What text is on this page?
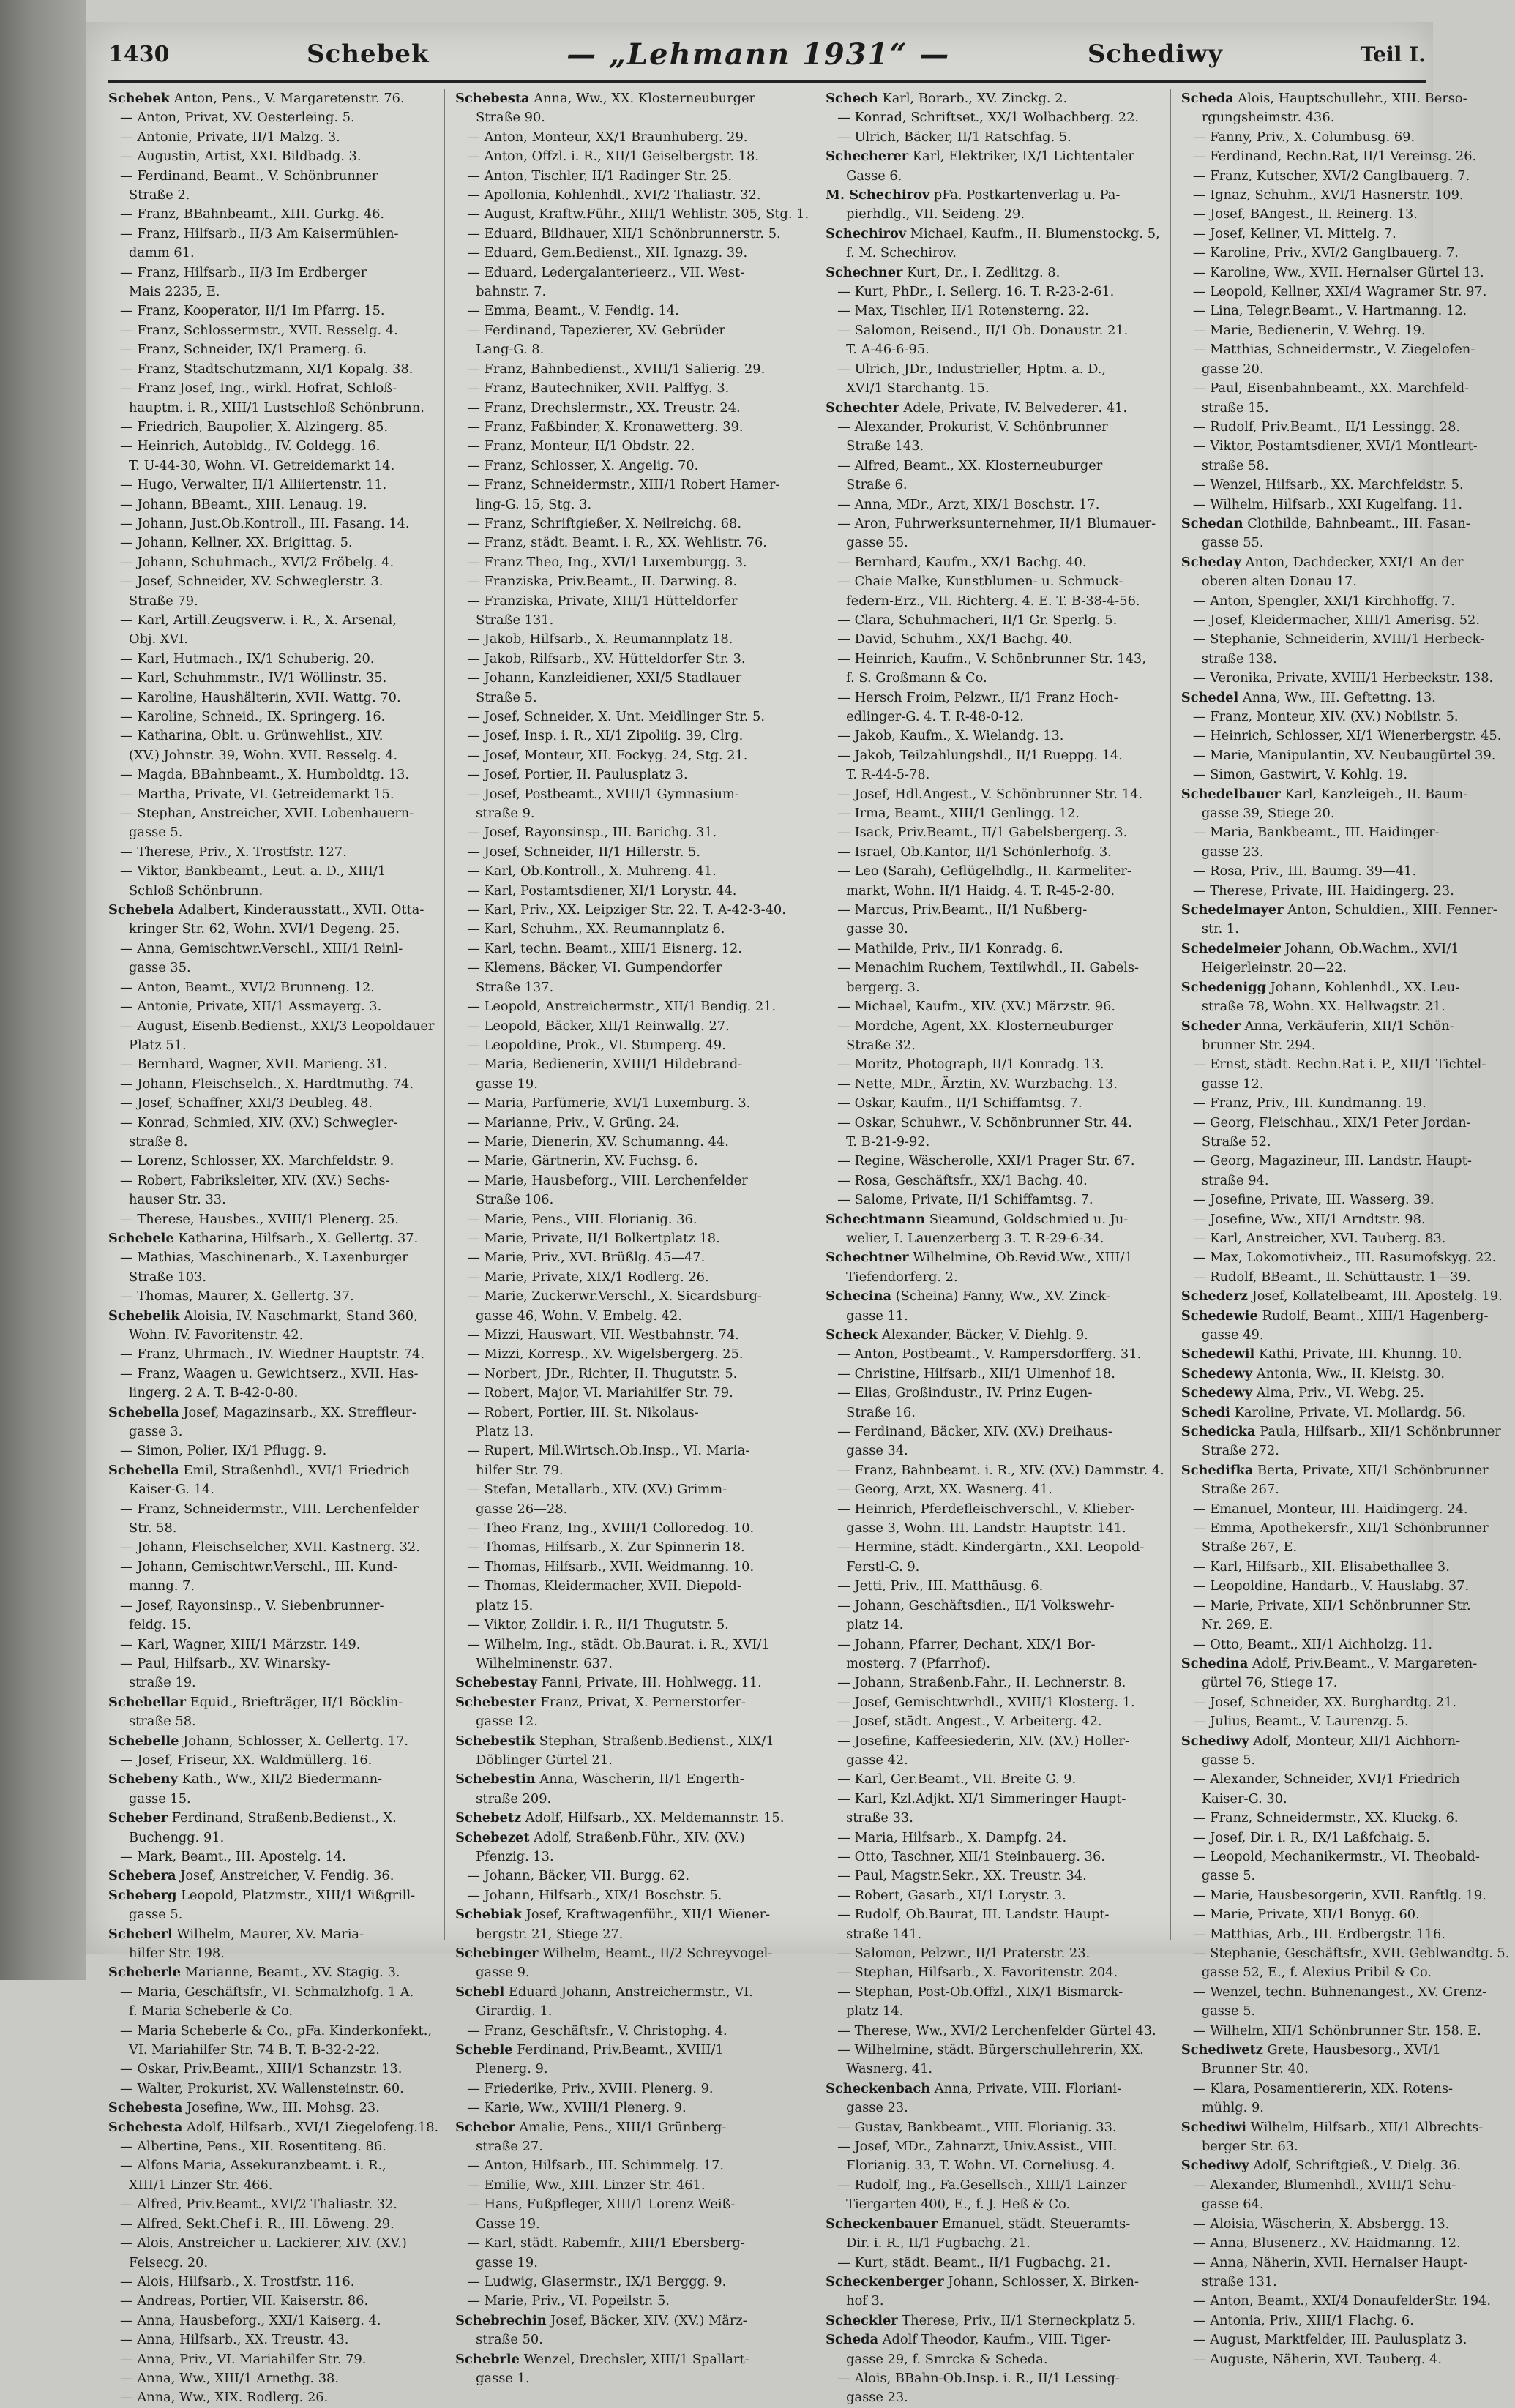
1430	Schebek	— „Lehmann 1931“ —	Schediwy	Teil I.

Schebek Anton, Pens., V. Margaretenstr. 76.

— Anton, Privat, XV. Oesterleing. 5.

— Antonie, Private, II/1 Malzg. 3.

— Augustin, Artist, XXI. Bildbadg. 3.

— Ferdinand, Beamt., V. Schönbrunner

Straße 2.

— Franz, BBahnbeamt., XIII. Gurkg. 46.

— Franz, Hilfsarb., II/3 Am Kaisermühlen-

damm 61.

— Franz, Hilfsarb., II/3 Im Erdberger

Mais 2235, E.

— Franz, Kooperator, II/1 Im Pfarrg. 15.

— Franz, Schlossermstr., XVII. Resselg. 4.

— Franz, Schneider, IX/1 Pramerg. 6.

— Franz, Stadtschutzmann, XI/1 Kopalg. 38.

— Franz Josef, Ing., wirkl. Hofrat, Schloß-

hauptm. i. R., XIII/1 Lustschloß Schönbrunn.

— Friedrich, Baupolier, X. Alzingerg. 85.

— Heinrich, Autobldg., IV. Goldegg. 16.

T. U-44-30, Wohn. VI. Getreidemarkt 14.

— Hugo, Verwalter, II/1 Alliiertenstr. 11.

— Johann, BBeamt., XIII. Lenaug. 19.

— Johann, Just.Ob.Kontroll., III. Fasang. 14.

— Johann, Kellner, XX. Brigittag. 5.

— Johann, Schuhmach., XVI/2 Fröbelg. 4.

— Josef, Schneider, XV. Schweglerstr. 3.

Straße 79.

— Karl, Artill.Zeugsverw. i. R., X. Arsenal,

Obj. XVI.

— Karl, Hutmach., IX/1 Schuberig. 20.

— Karl, Schuhmmstr., IV/1 Wöllinstr. 35.

— Karoline, Haushälterin, XVII. Wattg. 70.

— Karoline, Schneid., IX. Springerg. 16.

— Katharina, Oblt. u. Grünwehlist., XIV.

(XV.) Johnstr. 39, Wohn. XVII. Resselg. 4.

— Magda, BBahnbeamt., X. Humboldtg. 13.

— Martha, Private, VI. Getreidemarkt 15.

— Stephan, Anstreicher, XVII. Lobenhauern-

gasse 5.

— Therese, Priv., X. Trostfstr. 127.

— Viktor, Bankbeamt., Leut. a. D., XIII/1

Schloß Schönbrunn.

Schebela Adalbert, Kinderausstatt., XVII. Otta-

kringer Str. 62, Wohn. XVI/1 Degeng. 25.

— Anna, Gemischtwr.Verschl., XIII/1 Reinl-

gasse 35.

— Anton, Beamt., XVI/2 Brunneng. 12.

— Antonie, Private, XII/1 Assmayerg. 3.

— August, Eisenb.Bedienst., XXI/3 Leopoldauer

Platz 51.

— Bernhard, Wagner, XVII. Marieng. 31.

— Johann, Fleischselch., X. Hardtmuthg. 74.

— Josef, Schaffner, XXI/3 Deubleg. 48.

— Konrad, Schmied, XIV. (XV.) Schwegler-

straße 8.

— Lorenz, Schlosser, XX. Marchfeldstr. 9.

— Robert, Fabriksleiter, XIV. (XV.) Sechs-

hauser Str. 33.

— Therese, Hausbes., XVIII/1 Plenerg. 25.

Schebele Katharina, Hilfsarb., X. Gellertg. 37.

— Mathias, Maschinenarb., X. Laxenburger

Straße 103.

— Thomas, Maurer, X. Gellertg. 37.

Schebelik Aloisia, IV. Naschmarkt, Stand 360,

Wohn. IV. Favoritenstr. 42.

— Franz, Uhrmach., IV. Wiedner Hauptstr. 74.

— Franz, Waagen u. Gewichtserz., XVII. Has-

lingerg. 2 A. T. B-42-0-80.

Schebella Josef, Magazinsarb., XX. Streffleur-

gasse 3.

— Simon, Polier, IX/1 Pflugg. 9.

Schebella Emil, Straßenhdl., XVI/1 Friedrich

Kaiser-G. 14.

— Franz, Schneidermstr., VIII. Lerchenfelder

Str. 58.

— Johann, Fleischselcher, XVII. Kastnerg. 32.

— Johann, Gemischtwr.Verschl., III. Kund-

manng. 7.

— Josef, Rayonsinsp., V. Siebenbrunner-

feldg. 15.

— Karl, Wagner, XIII/1 Märzstr. 149.

— Paul, Hilfsarb., XV. Winarsky-

straße 19.

Schebellar Equid., Briefträger, II/1 Böcklin-

straße 58.

Schebelle Johann, Schlosser, X. Gellertg. 17.

— Josef, Friseur, XX. Waldmüllerg. 16.

Schebeny Kath., Ww., XII/2 Biedermann-

gasse 15.

Scheber Ferdinand, Straßenb.Bedienst., X.

Buchengg. 91.

— Mark, Beamt., III. Apostelg. 14.

Schebera Josef, Anstreicher, V. Fendig. 36.

Scheberg Leopold, Platzmstr., XIII/1 Wißgrill-

gasse 5.

Scheberl Wilhelm, Maurer, XV. Maria-

hilfer Str. 198.

Scheberle Marianne, Beamt., XV. Stagig. 3.

— Maria, Geschäftsfr., VI. Schmalzhofg. 1 A.

f. Maria Scheberle & Co.

— Maria Scheberle & Co., pFa. Kinderkonfekt.,

VI. Mariahilfer Str. 74 B. T. B-32-2-22.

— Oskar, Priv.Beamt., XIII/1 Schanzstr. 13.

— Walter, Prokurist, XV. Wallensteinstr. 60.

Schebesta Josefine, Ww., III. Mohsg. 23.

Schebesta Adolf, Hilfsarb., XVI/1 Ziegelofeng.18.

— Albertine, Pens., XII. Rosentiteng. 86.

— Alfons Maria, Assekuranzbeamt. i. R.,

XIII/1 Linzer Str. 466.

— Alfred, Priv.Beamt., XVI/2 Thaliastr. 32.

— Alfred, Sekt.Chef i. R., III. Löweng. 29.

— Alois, Anstreicher u. Lackierer, XIV. (XV.)

Felsecg. 20.

— Alois, Hilfsarb., X. Trostfstr. 116.

— Andreas, Portier, VII. Kaiserstr. 86.

— Anna, Hausbeforg., XXI/1 Kaiserg. 4.

— Anna, Hilfsarb., XX. Treustr. 43.

— Anna, Priv., VI. Mariahilfer Str. 79.

— Anna, Ww., XIII/1 Arnethg. 38.

— Anna, Ww., XIX. Rodlerg. 26.

Schebesta Anna, Ww., XX. Klosterneuburger

Straße 90.

— Anton, Monteur, XX/1 Braunhuberg. 29.

— Anton, Offzl. i. R., XII/1 Geiselbergstr. 18.

— Anton, Tischler, II/1 Radinger Str. 25.

— Apollonia, Kohlenhdl., XVI/2 Thaliastr. 32.

— August, Kraftw.Führ., XIII/1 Wehlistr. 305, Stg. 1.

— Eduard, Bildhauer, XII/1 Schönbrunnerstr. 5.

— Eduard, Gem.Bedienst., XII. Ignazg. 39.

— Eduard, Ledergalanterieerz., VII. West-

bahnstr. 7.

— Emma, Beamt., V. Fendig. 14.

— Ferdinand, Tapezierer, XV. Gebrüder

Lang-G. 8.

— Franz, Bahnbedienst., XVIII/1 Salierig. 29.

— Franz, Bautechniker, XVII. Palffyg. 3.

— Franz, Drechslermstr., XX. Treustr. 24.

— Franz, Faßbinder, X. Kronawetterg. 39.

— Franz, Monteur, II/1 Obdstr. 22.

— Franz, Schlosser, X. Angelig. 70.

— Franz, Schneidermstr., XIII/1 Robert Hamer-

ling-G. 15, Stg. 3.

— Franz, Schriftgießer, X. Neilreichg. 68.

— Franz, städt. Beamt. i. R., XX. Wehlistr. 76.

— Franz Theo, Ing., XVI/1 Luxemburgg. 3.

— Franziska, Priv.Beamt., II. Darwing. 8.

— Franziska, Private, XIII/1 Hütteldorfer

Straße 131.

— Jakob, Hilfsarb., X. Reumannplatz 18.

— Jakob, Rilfsarb., XV. Hütteldorfer Str. 3.

— Johann, Kanzleidiener, XXI/5 Stadlauer

Straße 5.

— Josef, Schneider, X. Unt. Meidlinger Str. 5.

— Josef, Insp. i. R., XI/1 Zipoliig. 39, Clrg.

— Josef, Monteur, XII. Fockyg. 24, Stg. 21.

— Josef, Portier, II. Paulusplatz 3.

— Josef, Postbeamt., XVIII/1 Gymnasium-

straße 9.

— Josef, Rayonsinsp., III. Barichg. 31.

— Josef, Schneider, II/1 Hillerstr. 5.

— Karl, Ob.Kontroll., X. Muhreng. 41.

— Karl, Postamtsdiener, XI/1 Lorystr. 44.

— Karl, Priv., XX. Leipziger Str. 22. T. A-42-3-40.

— Karl, Schuhm., XX. Reumannplatz 6.

— Karl, techn. Beamt., XIII/1 Eisnerg. 12.

— Klemens, Bäcker, VI. Gumpendorfer

Straße 137.

— Leopold, Anstreichermstr., XII/1 Bendig. 21.

— Leopold, Bäcker, XII/1 Reinwallg. 27.

— Leopoldine, Prok., VI. Stumperg. 49.

— Maria, Bedienerin, XVIII/1 Hildebrand-

gasse 19.

— Maria, Parfümerie, XVI/1 Luxemburg. 3.

— Marianne, Priv., V. Grüng. 24.

— Marie, Dienerin, XV. Schumanng. 44.

— Marie, Gärtnerin, XV. Fuchsg. 6.

— Marie, Hausbeforg., VIII. Lerchenfelder

Straße 106.

— Marie, Pens., VIII. Florianig. 36.

— Marie, Private, II/1 Bolkertplatz 18.

— Marie, Priv., XVI. Brüßlg. 45—47.

— Marie, Private, XIX/1 Rodlerg. 26.

— Marie, Zuckerwr.Verschl., X. Sicardsburg-

gasse 46, Wohn. V. Embelg. 42.

— Mizzi, Hauswart, VII. Westbahnstr. 74.

— Mizzi, Korresp., XV. Wigelsbergerg. 25.

— Norbert, JDr., Richter, II. Thugutstr. 5.

— Robert, Major, VI. Mariahilfer Str. 79.

— Robert, Portier, III. St. Nikolaus-

Platz 13.

— Rupert, Mil.Wirtsch.Ob.Insp., VI. Maria-

hilfer Str. 79.

— Stefan, Metallarb., XIV. (XV.) Grimm-

gasse 26—28.

— Theo Franz, Ing., XVIII/1 Colloredog. 10.

— Thomas, Hilfsarb., X. Zur Spinnerin 18.

— Thomas, Hilfsarb., XVII. Weidmanng. 10.

— Thomas, Kleidermacher, XVII. Diepold-

platz 15.

— Viktor, Zolldir. i. R., II/1 Thugutstr. 5.

— Wilhelm, Ing., städt. Ob.Baurat. i. R., XVI/1

Wilhelminenstr. 637.

Schebestay Fanni, Private, III. Hohlwegg. 11.

Schebester Franz, Privat, X. Pernerstorfer-

gasse 12.

Schebestik Stephan, Straßenb.Bedienst., XIX/1

Döblinger Gürtel 21.

Schebestin Anna, Wäscherin, II/1 Engerth-

straße 209.

Schebetz Adolf, Hilfsarb., XX. Meldemannstr. 15.

Schebezet Adolf, Straßenb.Führ., XIV. (XV.)

Pfenzig. 13.

— Johann, Bäcker, VII. Burgg. 62.

— Johann, Hilfsarb., XIX/1 Boschstr. 5.

Schebiak Josef, Kraftwagenführ., XII/1 Wiener-

bergstr. 21, Stiege 27.

Schebinger Wilhelm, Beamt., II/2 Schreyvogel-

gasse 9.

Schebl Eduard Johann, Anstreichermstr., VI.

Girardig. 1.

— Franz, Geschäftsfr., V. Christophg. 4.

Scheble Ferdinand, Priv.Beamt., XVIII/1

Plenerg. 9.

— Friederike, Priv., XVIII. Plenerg. 9.

— Karie, Ww., XVIII/1 Plenerg. 9.

Schebor Amalie, Pens., XIII/1 Grünberg-

straße 27.

— Anton, Hilfsarb., III. Schimmelg. 17.

— Emilie, Ww., XIII. Linzer Str. 461.

— Hans, Fußpfleger, XIII/1 Lorenz Weiß-

Gasse 19.

— Karl, städt. Rabemfr., XIII/1 Ebersberg-

gasse 19.

— Ludwig, Glasermstr., IX/1 Berggg. 9.

— Marie, Priv., VI. Popeilstr. 5.

Schebrechin Josef, Bäcker, XIV. (XV.) März-

straße 50.

Schebrle Wenzel, Drechsler, XIII/1 Spallart-

gasse 1.

Schech Karl, Borarb., XV. Zinckg. 2.

— Konrad, Schriftset., XX/1 Wolbachberg. 22.

— Ulrich, Bäcker, II/1 Ratschfag. 5.

Schecherer Karl, Elektriker, IX/1 Lichtentaler

Gasse 6.

M. Schechirov pFa. Postkartenverlag u. Pa-

pierhdlg., VII. Seideng. 29.

Schechirov Michael, Kaufm., II. Blumenstockg. 5,

f. M. Schechirov.

Schechner Kurt, Dr., I. Zedlitzg. 8.

— Kurt, PhDr., I. Seilerg. 16. T. R-23-2-61.

— Max, Tischler, II/1 Rotensterng. 22.

— Salomon, Reisend., II/1 Ob. Donaustr. 21.

T. A-46-6-95.

— Ulrich, JDr., Industrieller, Hptm. a. D.,

XVI/1 Starchantg. 15.

Schechter Adele, Private, IV. Belvederег. 41.

— Alexander, Prokurist, V. Schönbrunner

Straße 143.

— Alfred, Beamt., XX. Klosterneuburger

Straße 6.

— Anna, MDr., Arzt, XIX/1 Boschstr. 17.

— Aron, Fuhrwerksunternehmer, II/1 Blumauer-

gasse 55.

— Bernhard, Kaufm., XX/1 Bachg. 40.

— Chaie Malke, Kunstblumen- u. Schmuck-

federn-Erz., VII. Richterg. 4. E. T. B-38-4-56.

— Clara, Schuhmacheri, II/1 Gr. Sperlg. 5.

— David, Schuhm., XX/1 Bachg. 40.

— Heinrich, Kaufm., V. Schönbrunner Str. 143,

f. S. Großmann & Co.

— Hersch Froim, Pelzwr., II/1 Franz Hoch-

edlinger-G. 4. T. R-48-0-12.

— Jakob, Kaufm., X. Wielandg. 13.

— Jakob, Teilzahlungshdl., II/1 Rueppg. 14.

T. R-44-5-78.

— Josef, Hdl.Angest., V. Schönbrunner Str. 14.

— Irma, Beamt., XIII/1 Genlingg. 12.

— Isack, Priv.Beamt., II/1 Gabelsbergerg. 3.

— Israel, Ob.Kantor, II/1 Schönlerhofg. 3.

— Leo (Sarah), Geflügelhdlg., II. Karmeliter-

markt, Wohn. II/1 Haidg. 4. T. R-45-2-80.

— Marcus, Priv.Beamt., II/1 Nußberg-

gasse 30.

— Mathilde, Priv., II/1 Konradg. 6.

— Menachim Ruchem, Textilwhdl., II. Gabels-

bergerg. 3.

— Michael, Kaufm., XIV. (XV.) Märzstr. 96.

— Mordche, Agent, XX. Klosterneuburger

Straße 32.

— Moritz, Photograph, II/1 Konradg. 13.

— Nette, MDr., Ärztin, XV. Wurzbachg. 13.

— Oskar, Kaufm., II/1 Schiffamtsg. 7.

— Oskar, Schuhwr., V. Schönbrunner Str. 44.

T. B-21-9-92.

— Regine, Wäscherolle, XXI/1 Prager Str. 67.

— Rosa, Geschäftsfr., XX/1 Bachg. 40.

— Salome, Private, II/1 Schiffamtsg. 7.

Schechtmann Sieamund, Goldschmied u. Ju-

welier, I. Lauenzerberg 3. T. R-29-6-34.

Schechtner Wilhelmine, Ob.Revid.Ww., XIII/1

Tiefendorferg. 2.

Schecina (Scheina) Fanny, Ww., XV. Zinck-

gasse 11.

Scheck Alexander, Bäcker, V. Diehlg. 9.

— Anton, Postbeamt., V. Rampersdorfferg. 31.

— Christine, Hilfsarb., XII/1 Ulmenhof 18.

— Elias, Großindustr., IV. Prinz Eugen-

Straße 16.

— Ferdinand, Bäcker, XIV. (XV.) Dreihaus-

gasse 34.

— Franz, Bahnbeamt. i. R., XIV. (XV.) Dammstr. 4.

— Georg, Arzt, XX. Wasnerg. 41.

— Heinrich, Pferdefleischverschl., V. Klieber-

gasse 3, Wohn. III. Landstr. Hauptstr. 141.

— Hermine, städt. Kindergärtn., XXI. Leopold-

Ferstl-G. 9.

— Jetti, Priv., III. Matthäusg. 6.

— Johann, Geschäftsdien., II/1 Volkswehr-

platz 14.

— Johann, Pfarrer, Dechant, XIX/1 Bor-

mosterg. 7 (Pfarrhof).

— Johann, Straßenb.Fahr., II. Lechnerstr. 8.

— Josef, Gemischtwrhdl., XVIII/1 Klosterg. 1.

— Josef, städt. Angest., V. Arbeiterg. 42.

— Josefine, Kaffeesiederin, XIV. (XV.) Holler-

gasse 42.

— Karl, Ger.Beamt., VII. Breite G. 9.

— Karl, Kzl.Adjkt. XI/1 Simmeringer Haupt-

straße 33.

— Maria, Hilfsarb., X. Dampfg. 24.

— Otto, Taschner, XII/1 Steinbauerg. 36.

— Paul, Magstr.Sekr., XX. Treustr. 34.

— Robert, Gasarb., XI/1 Lorystr. 3.

— Rudolf, Ob.Baurat, III. Landstr. Haupt-

straße 141.

— Salomon, Pelzwr., II/1 Praterstr. 23.

— Stephan, Hilfsarb., X. Favoritenstr. 204.

— Stephan, Post-Ob.Offzl., XIX/1 Bismarck-

platz 14.

— Therese, Ww., XVI/2 Lerchenfelder Gürtel 43.

— Wilhelmine, städt. Bürgerschullehrerin, XX.

Wasnerg. 41.

Scheckenbach Anna, Private, VIII. Floriani-

gasse 23.

— Gustav, Bankbeamt., VIII. Florianig. 33.

— Josef, MDr., Zahnarzt, Univ.Assist., VIII.

Florianig. 33, T. Wohn. VI. Corneliusg. 4.

— Rudolf, Ing., Fa.Gesellsch., XIII/1 Lainzer

Tiergarten 400, E., f. J. Heß & Co.

Scheckenbauer Emanuel, städt. Steueramts-

Dir. i. R., II/1 Fugbachg. 21.

— Kurt, städt. Beamt., II/1 Fugbachg. 21.

Scheckenberger Johann, Schlosser, X. Birken-

hof 3.

Scheckler Therese, Priv., II/1 Sterneckplatz 5.

Scheda Adolf Theodor, Kaufm., VIII. Tiger-

gasse 29, f. Smrcka & Scheda.

— Alois, BBahn-Ob.Insp. i. R., II/1 Lessing-

gasse 23.

Scheda Alois, Hauptschullehr., XIII. Berso-

rgungsheimstr. 436.

— Fanny, Priv., X. Columbusg. 69.

— Ferdinand, Rechn.Rat, II/1 Vereinsg. 26.

— Franz, Kutscher, XVI/2 Ganglbauerg. 7.

— Ignaz, Schuhm., XVI/1 Hasnerstr. 109.

— Josef, BAngest., II. Reinerg. 13.

— Josef, Kellner, VI. Mittelg. 7.

— Karoline, Priv., XVI/2 Ganglbauerg. 7.

— Karoline, Ww., XVII. Hernalser Gürtel 13.

— Leopold, Kellner, XXI/4 Wagramer Str. 97.

— Lina, Telegr.Beamt., V. Hartmanng. 12.

— Marie, Bedienerin, V. Wehrg. 19.

— Matthias, Schneidermstr., V. Ziegelofen-

gasse 20.

— Paul, Eisenbahnbeamt., XX. Marchfeld-

straße 15.

— Rudolf, Priv.Beamt., II/1 Lessingg. 28.

— Viktor, Postamtsdiener, XVI/1 Montleart-

straße 58.

— Wenzel, Hilfsarb., XX. Marchfeldstr. 5.

— Wilhelm, Hilfsarb., XXI Kugelfang. 11.

Schedan Clothilde, Bahnbeamt., III. Fasan-

gasse 55.

Scheday Anton, Dachdecker, XXI/1 An der

oberen alten Donau 17.

— Anton, Spengler, XXI/1 Kirchhoffg. 7.

— Josef, Kleidermacher, XIII/1 Amerisg. 52.

— Stephanie, Schneiderin, XVIII/1 Herbeck-

straße 138.

— Veronika, Private, XVIII/1 Herbeckstr. 138.

Schedel Anna, Ww., III. Geftettng. 13.

— Franz, Monteur, XIV. (XV.) Nobilstr. 5.

— Heinrich, Schlosser, XI/1 Wienerbergstr. 45.

— Marie, Manipulantin, XV. Neubaugürtel 39.

— Simon, Gastwirt, V. Kohlg. 19.

Schedelbauer Karl, Kanzleigeh., II. Baum-

gasse 39, Stiege 20.

— Maria, Bankbeamt., III. Haidinger-

gasse 23.

— Rosa, Priv., III. Baumg. 39—41.

— Therese, Private, III. Haidingerg. 23.

Schedelmayer Anton, Schuldien., XIII. Fenner-

str. 1.

Schedelmeier Johann, Ob.Wachm., XVI/1

Heigerleinstr. 20—22.

Schedenigg Johann, Kohlenhdl., XX. Leu-

straße 78, Wohn. XX. Hellwagstr. 21.

Scheder Anna, Verkäuferin, XII/1 Schön-

brunner Str. 294.

— Ernst, städt. Rechn.Rat i. P., XII/1 Tichtel-

gasse 12.

— Franz, Priv., III. Kundmanng. 19.

— Georg, Fleischhau., XIX/1 Peter Jordan-

Straße 52.

— Georg, Magazineur, III. Landstr. Haupt-

straße 94.

— Josefine, Private, III. Wasserg. 39.

— Josefine, Ww., XII/1 Arndtstr. 98.

— Karl, Anstreicher, XVI. Tauberg. 83.

— Max, Lokomotivheiz., III. Rasumofskyg. 22.

— Rudolf, BBeamt., II. Schüttaustr. 1—39.

Schederz Josef, Kollatelbeamt, III. Apostelg. 19.

Schedewie Rudolf, Beamt., XIII/1 Hagenberg-

gasse 49.

Schedewil Kathi, Private, III. Khunng. 10.

Schedewy Antonia, Ww., II. Kleistg. 30.

Schedewy Alma, Priv., VI. Webg. 25.

Schedi Karoline, Private, VI. Mollardg. 56.

Schedicka Paula, Hilfsarb., XII/1 Schönbrunner

Straße 272.

Schedifka Berta, Private, XII/1 Schönbrunner

Straße 267.

— Emanuel, Monteur, III. Haidingerg. 24.

— Emma, Apothekersfr., XII/1 Schönbrunner

Straße 267, E.

— Karl, Hilfsarb., XII. Elisabethallee 3.

— Leopoldine, Handarb., V. Hauslabg. 37.

— Marie, Private, XII/1 Schönbrunner Str.

Nr. 269, E.

— Otto, Beamt., XII/1 Aichholzg. 11.

Schedina Adolf, Priv.Beamt., V. Margareten-

gürtel 76, Stiege 17.

— Josef, Schneider, XX. Burghardtg. 21.

— Julius, Beamt., V. Laurenzg. 5.

Schediwy Adolf, Monteur, XII/1 Aichhorn-

gasse 5.

— Alexander, Schneider, XVI/1 Friedrich

Kaiser-G. 30.

— Franz, Schneidermstr., XX. Kluckg. 6.

— Josef, Dir. i. R., IX/1 Laßfchaig. 5.

— Leopold, Mechanikermstr., VI. Theobald-

gasse 5.

— Marie, Hausbesorgerin, XVII. Ranftlg. 19.

— Marie, Private, XII/1 Bonyg. 60.

— Matthias, Arb., III. Erdbergstr. 116.

— Stephanie, Geschäftsfr., XVII. Geblwandtg. 5.

gasse 52, E., f. Alexius Pribil & Co.

— Wenzel, techn. Bühnenangest., XV. Grenz-

gasse 5.

— Wilhelm, XII/1 Schönbrunner Str. 158. E.

Schediwetz Grete, Hausbesorg., XVI/1

Brunner Str. 40.

— Klara, Posamentiererin, XIX. Rotens-

mühlg. 9.

Schediwi Wilhelm, Hilfsarb., XII/1 Albrechts-

berger Str. 63.

Schediwy Adolf, Schriftgieß., V. Dielg. 36.

— Alexander, Blumenhdl., XVIII/1 Schu-

gasse 64.

— Aloisia, Wäscherin, X. Absbergg. 13.

— Anna, Blusenerz., XV. Haidmanng. 12.

— Anna, Näherin, XVII. Hernalser Haupt-

straße 131.

— Anton, Beamt., XXI/4 DonaufelderStr. 194.

— Antonia, Priv., XIII/1 Flachg. 6.

— August, Marktfelder, III. Paulusplatz 3.

— Auguste, Näherin, XVI. Tauberg. 4.
